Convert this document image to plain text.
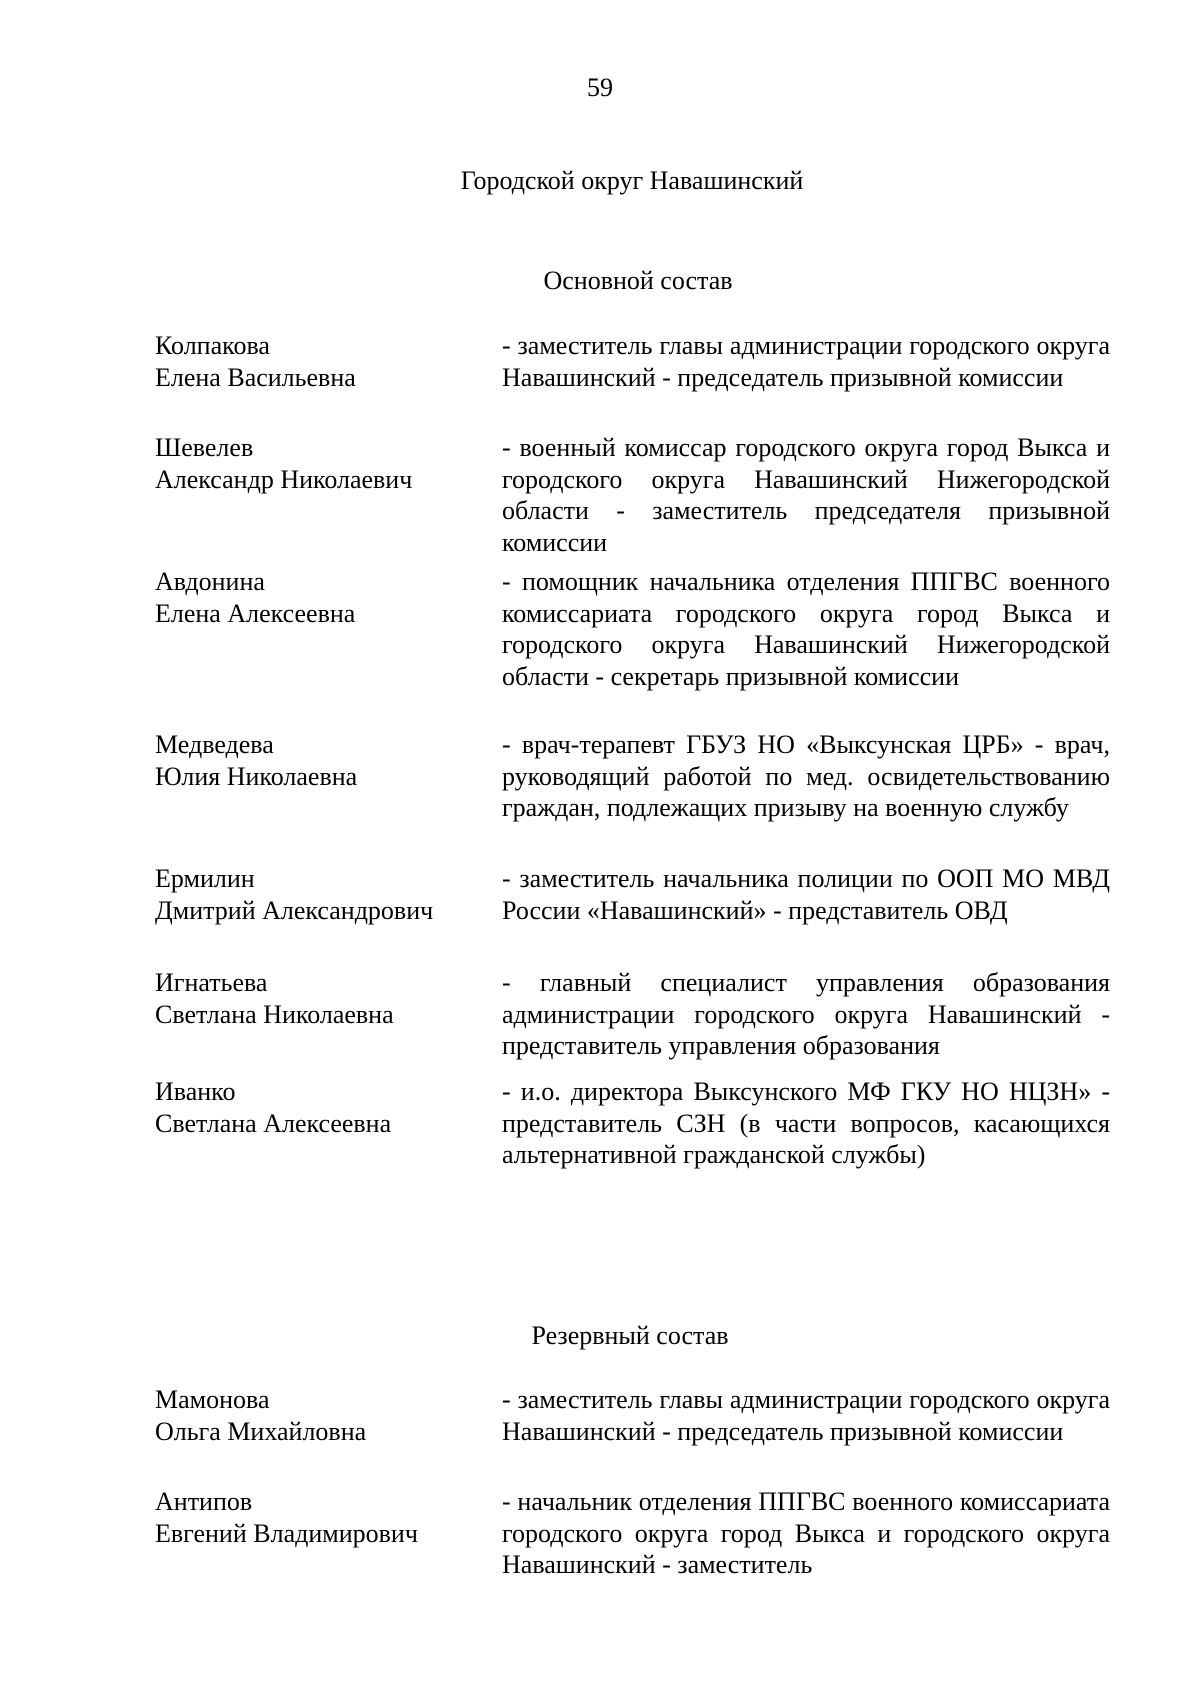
59
Городской округ Навашинский
Основной состав
Колпакова
Елена Васильевна
- заместитель главы администрации городского округа Навашинский - председатель призывной комиссии
Шевелев
Александр Николаевич
- военный комиссар городского округа город Выкса и городского округа Навашинский Нижегородской области - заместитель председателя призывной комиссии
Авдонина
Елена Алексеевна
- помощник начальника отделения ППГВС военного комиссариата городского округа город Выкса и городского округа Навашинский Нижегородской области - секретарь призывной комиссии
Медведева
Юлия Николаевна
- врач-терапевт ГБУЗ НО «Выксунская ЦРБ» - врач, руководящий работой по мед. освидетельствованию граждан, подлежащих призыву на военную службу
Ермилин
Дмитрий Александрович
- заместитель начальника полиции по ООП МО МВД России «Навашинский» - представитель ОВД
Игнатьева
Светлана Николаевна
- главный специалист управления образования администрации городского округа Навашинский - представитель управления образования
Иванко
Светлана Алексеевна
- и.о. директора Выксунского МФ ГКУ НО НЦЗН» - представитель СЗН (в части вопросов, касающихся альтернативной гражданской службы)
Резервный состав
Мамонова
Ольга Михайловна
- заместитель главы администрации городского округа Навашинский - председатель призывной комиссии
Антипов
Евгений Владимирович
- начальник отделения ППГВС военного комиссариата городского округа город Выкса и городского округа Навашинский - заместитель
